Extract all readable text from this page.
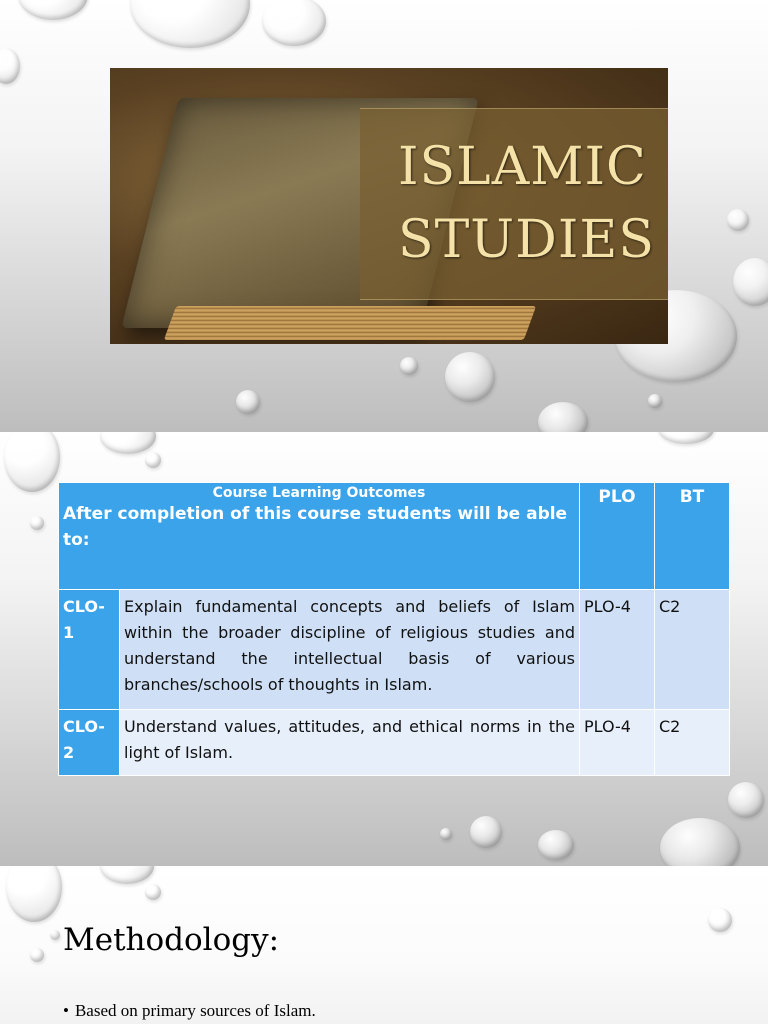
ISLAMIC
STUDIES
Course Learning Outcomes
After completion of this course students will be able to:		PLO	BT
CLO-1	Explain fundamental concepts and beliefs of Islam within the broader discipline of religious studies and understand the intellectual basis of various branches/schools of thoughts in Islam.	PLO-4	C2
CLO-2	Understand values, attitudes, and ethical norms in the light of Islam.	PLO-4	C2
Methodology:
• Based on primary sources of Islam.
